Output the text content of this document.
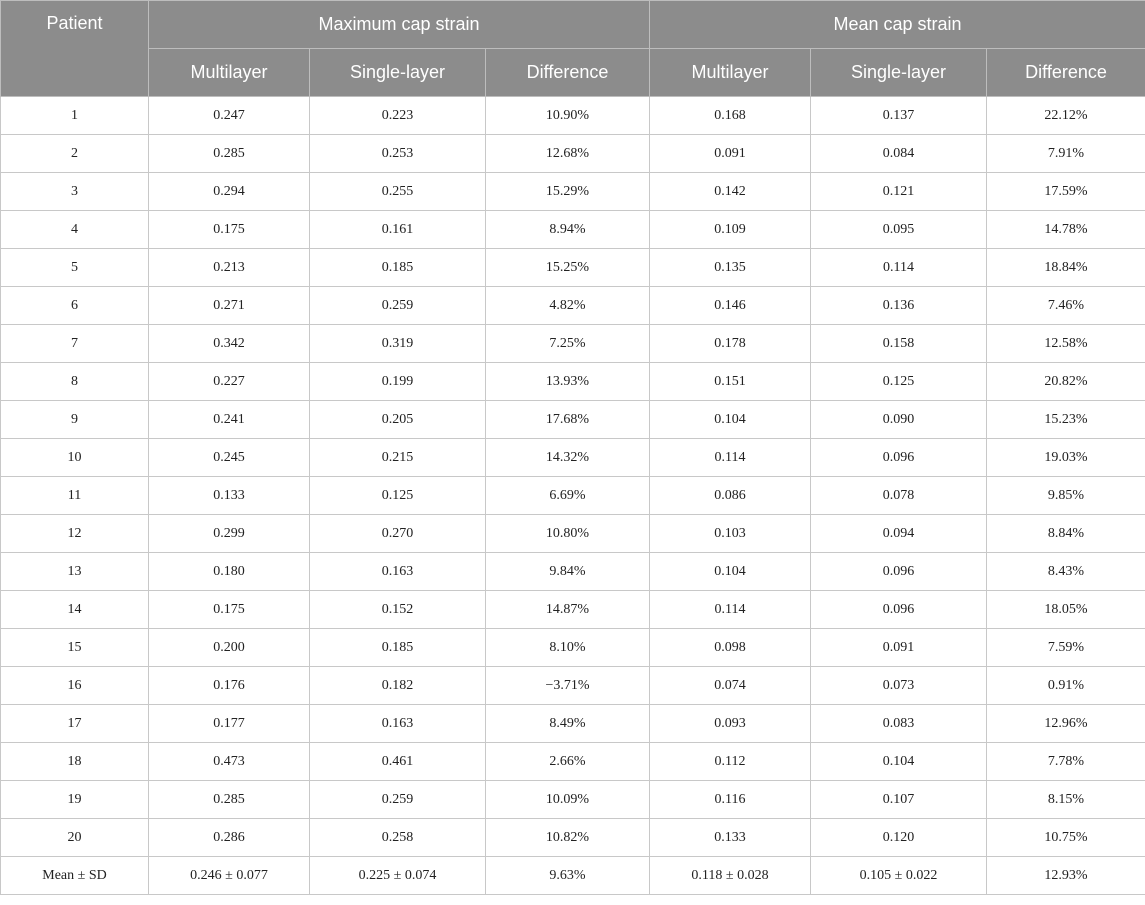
Patient	Maximum cap strain			Mean cap strain		
	Multilayer	Single-layer	Difference	Multilayer	Single-layer	Difference
1	0.247	0.223	10.90%	0.168	0.137	22.12%
2	0.285	0.253	12.68%	0.091	0.084	7.91%
3	0.294	0.255	15.29%	0.142	0.121	17.59%
4	0.175	0.161	8.94%	0.109	0.095	14.78%
5	0.213	0.185	15.25%	0.135	0.114	18.84%
6	0.271	0.259	4.82%	0.146	0.136	7.46%
7	0.342	0.319	7.25%	0.178	0.158	12.58%
8	0.227	0.199	13.93%	0.151	0.125	20.82%
9	0.241	0.205	17.68%	0.104	0.090	15.23%
10	0.245	0.215	14.32%	0.114	0.096	19.03%
11	0.133	0.125	6.69%	0.086	0.078	9.85%
12	0.299	0.270	10.80%	0.103	0.094	8.84%
13	0.180	0.163	9.84%	0.104	0.096	8.43%
14	0.175	0.152	14.87%	0.114	0.096	18.05%
15	0.200	0.185	8.10%	0.098	0.091	7.59%
16	0.176	0.182	−3.71%	0.074	0.073	0.91%
17	0.177	0.163	8.49%	0.093	0.083	12.96%
18	0.473	0.461	2.66%	0.112	0.104	7.78%
19	0.285	0.259	10.09%	0.116	0.107	8.15%
20	0.286	0.258	10.82%	0.133	0.120	10.75%
Mean ± SD	0.246 ± 0.077	0.225 ± 0.074	9.63%	0.118 ± 0.028	0.105 ± 0.022	12.93%
